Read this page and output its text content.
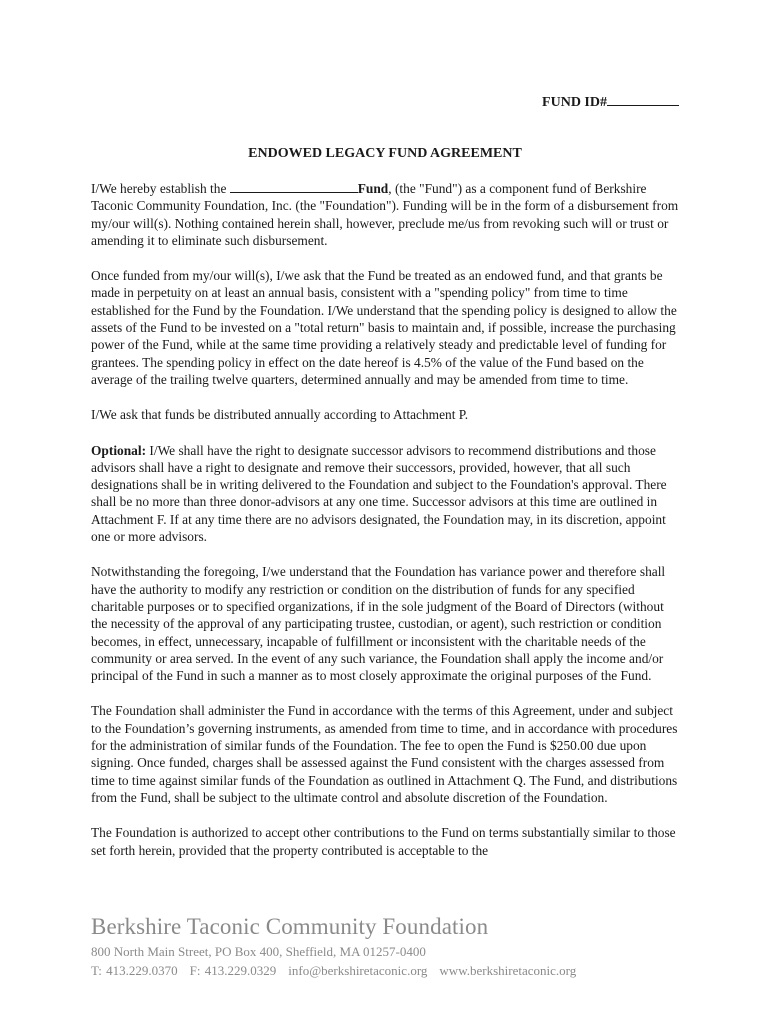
FUND ID#
ENDOWED LEGACY FUND AGREEMENT

I/We hereby establish the	Fund, (the "Fund") as a component fund of Berkshire Taconic Community Foundation, Inc. (the "Foundation"). Funding will be in the form of a disbursement from my/our will(s). Nothing contained herein shall, however, preclude me/us from revoking such will or trust or amending it to eliminate such disbursement.

Once funded from my/our will(s), I/we ask that the Fund be treated as an endowed fund, and that grants be made in perpetuity on at least an annual basis, consistent with a "spending policy" from time to time established for the Fund by the Foundation. I/We understand that the spending policy is designed to allow the assets of the Fund to be invested on a "total return" basis to maintain and, if possible, increase the purchasing power of the Fund, while at the same time providing a relatively steady and predictable level of funding for grantees. The spending policy in effect on the date hereof is 4.5% of the value of the Fund based on the average of the trailing twelve quarters, determined annually and may be amended from time to time.

I/We ask that funds be distributed annually according to Attachment P.

Optional: I/We shall have the right to designate successor advisors to recommend distributions and those advisors shall have a right to designate and remove their successors, provided, however, that all such designations shall be in writing delivered to the Foundation and subject to the Foundation's approval. There shall be no more than three donor-advisors at any one time. Successor advisors at this time are outlined in Attachment F. If at any time there are no advisors designated, the Foundation may, in its discretion, appoint one or more advisors.

Notwithstanding the foregoing, I/we understand that the Foundation has variance power and therefore shall have the authority to modify any restriction or condition on the distribution of funds for any specified charitable purposes or to specified organizations, if in the sole judgment of the Board of Directors (without the necessity of the approval of any participating trustee, custodian, or agent), such restriction or condition becomes, in effect, unnecessary, incapable of fulfillment or inconsistent with the charitable needs of the community or area served. In the event of any such variance, the Foundation shall apply the income and/or principal of the Fund in such a manner as to most closely approximate the original purposes of the Fund.

The Foundation shall administer the Fund in accordance with the terms of this Agreement, under and subject to the Foundation’s governing instruments, as amended from time to time, and in accordance with procedures for the administration of similar funds of the Foundation. The fee to open the Fund is $250.00 due upon signing. Once funded, charges shall be assessed against the Fund consistent with the charges assessed from time to time against similar funds of the Foundation as outlined in Attachment Q. The Fund, and distributions from the Fund, shall be subject to the ultimate control and absolute discretion of the Foundation.

The Foundation is authorized to accept other contributions to the Fund on terms substantially similar to those set forth herein, provided that the property contributed is acceptable to the

Berkshire Taconic Community Foundation
800 North Main Street, PO Box 400, Sheffield, MA 01257-0400
T: 413.229.0370 F: 413.229.0329 info@berkshiretaconic.org www.berkshiretaconic.org
